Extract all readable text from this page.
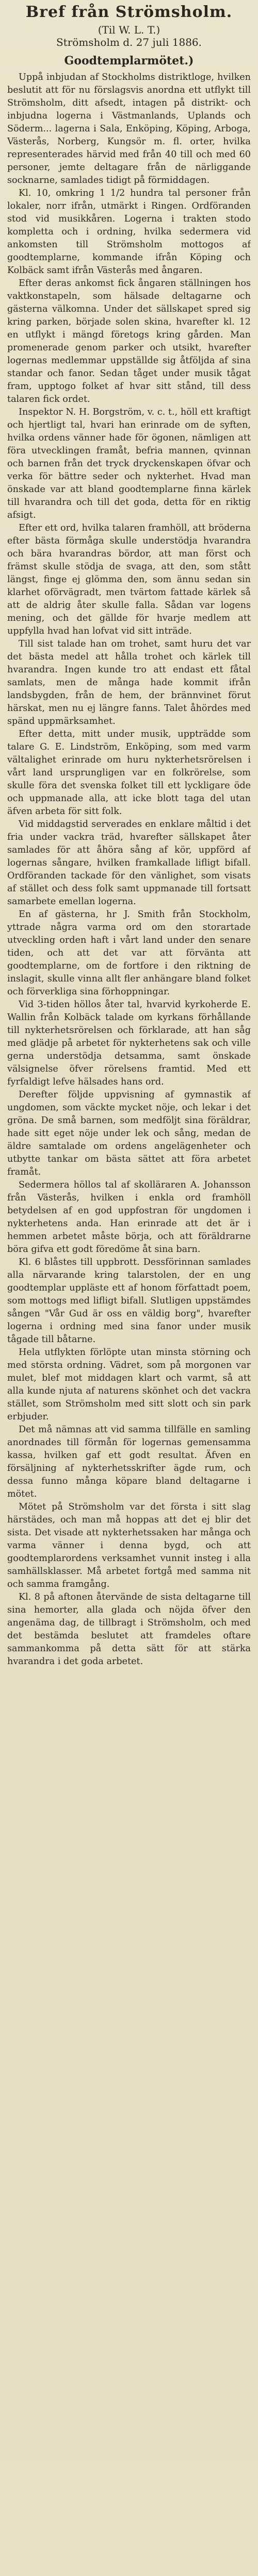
Bref från Strömsholm.

(Til W. L. T.)

Strömsholm d. 27 juli 1886.

Goodtemplarmötet.)

Uppå inbjudan af Stockholms distriktloge, hvilken beslutit att för nu förslagsvis anordna ett utflykt till Strömsholm, ditt afsedt, intagen på distrikt- och inbjudna logerna i Västmanlands, Uplands och Söderm... lagerna i Sala, Enköping, Köping, Arboga, Västerås, Norberg, Kungsör m. fl. orter, hvilka representerades härvid med från 40 till och med 60 personer, jemte deltagare från de närliggande socknarne, samlades tidigt på förmiddagen.

Kl. 10, omkring 1 1/2 hundra tal personer från lokaler, norr ifrån, utmärkt i Ringen. Ordföranden stod vid musikkåren. Logerna i trakten stodo kompletta och i ordning, hvilka sedermera vid ankomsten till Strömsholm mottogos af goodtemplarne, kommande ifrån Köping och Kolbäck samt ifrån Västerås med ångaren.

Efter deras ankomst fick ångaren ställningen hos vaktkonstapeln, som hälsade deltagarne och gästerna välkomna. Under det sällskapet spred sig kring parken, började solen skina, hvarefter kl. 12 en utflykt i mängd företogs kring gården. Man promenerade genom parker och utsikt, hvarefter logernas medlemmar uppställde sig åtföljda af sina standar och fanor. Sedan tåget under musik tågat fram, upptogo folket af hvar sitt stånd, till dess talaren fick ordet.

Inspektor N. H. Borgström, v. c. t., höll ett kraftigt och hjertligt tal, hvari han erinrade om de syften, hvilka ordens vänner hade för ögonen, nämligen att föra utvecklingen framåt, befria mannen, qvinnan och barnen från det tryck dryckenskapen öfvar och verka för bättre seder och nykterhet. Hvad man önskade var att bland goodtemplarne finna kärlek till hvarandra och till det goda, detta för en riktig afsigt.

Efter ett ord, hvilka talaren framhöll, att bröderna efter bästa förmåga skulle understödja hvarandra och bära hvarandras bördor, att man först och främst skulle stödja de svaga, att den, som stått längst, finge ej glömma den, som ännu sedan sin klarhet oförvägradt, men tvärtom fattade kärlek så att de aldrig åter skulle falla. Sådan var logens mening, och det gällde för hvarje medlem att uppfylla hvad han lofvat vid sitt inträde.

Till sist talade han om trohet, samt huru det var det bästa medel att hålla trohet och kärlek till hvarandra. Ingen kunde tro att endast ett fåtal samlats, men de många hade kommit ifrån landsbygden, från de hem, der brännvinet förut härskat, men nu ej längre fanns. Talet åhördes med spänd uppmärksamhet.

Efter detta, mitt under musik, uppträdde som talare G. E. Lindström, Enköping, som med varm vältalighet erinrade om huru nykterhetsrörelsen i vårt land ursprungligen var en folkrörelse, som skulle föra det svenska folket till ett lyckligare öde och uppmanade alla, att icke blott taga del utan äfven arbeta för sitt folk.

Vid middagstid serverades en enklare måltid i det fria under vackra träd, hvarefter sällskapet åter samlades för att åhöra sång af kör, uppförd af logernas sångare, hvilken framkallade lifligt bifall. Ordföranden tackade för den vänlighet, som visats af stället och dess folk samt uppmanade till fortsatt samarbete emellan logerna.

En af gästerna, hr J. Smith från Stockholm, yttrade några varma ord om den storartade utveckling orden haft i vårt land under den senare tiden, och att det var att förvänta att goodtemplarne, om de fortfore i den riktning de inslagit, skulle vinna allt fler anhängare bland folket och förverkliga sina förhoppningar.

Vid 3-tiden höllos åter tal, hvarvid kyrkoherde E. Wallin från Kolbäck talade om kyrkans förhållande till nykterhetsrörelsen och förklarade, att han såg med glädje på arbetet för nykterhetens sak och ville gerna understödja detsamma, samt önskade välsignelse öfver rörelsens framtid. Med ett fyrfaldigt lefve hälsades hans ord.

Derefter följde uppvisning af gymnastik af ungdomen, som väckte mycket nöje, och lekar i det gröna. De små barnen, som medföljt sina föräldrar, hade sitt eget nöje under lek och sång, medan de äldre samtalade om ordens angelägenheter och utbytte tankar om bästa sättet att föra arbetet framåt.

Sedermera höllos tal af skolläraren A. Johansson från Västerås, hvilken i enkla ord framhöll betydelsen af en god uppfostran för ungdomen i nykterhetens anda. Han erinrade att det är i hemmen arbetet måste börja, och att föräldrarne böra gifva ett godt föredöme åt sina barn.

Kl. 6 blåstes till uppbrott. Dessförinnan samlades alla närvarande kring talarstolen, der en ung goodtemplar uppläste ett af honom författadt poem, som mottogs med lifligt bifall. Slutligen uppstämdes sången "Vår Gud är oss en väldig borg", hvarefter logerna i ordning med sina fanor under musik tågade till båtarne.

Hela utflykten förlöpte utan minsta störning och med största ordning. Vädret, som på morgonen var mulet, blef mot middagen klart och varmt, så att alla kunde njuta af naturens skönhet och det vackra stället, som Strömsholm med sitt slott och sin park erbjuder.

Det må nämnas att vid samma tillfälle en samling anordnades till förmån för logernas gemensamma kassa, hvilken gaf ett godt resultat. Äfven en försäljning af nykterhetsskrifter ägde rum, och dessa funno många köpare bland deltagarne i mötet.

Mötet på Strömsholm var det första i sitt slag härstädes, och man må hoppas att det ej blir det sista. Det visade att nykterhetssaken har många och varma vänner i denna bygd, och att goodtemplarordens verksamhet vunnit insteg i alla samhällsklasser. Må arbetet fortgå med samma nit och samma framgång.

Kl. 8 på aftonen återvände de sista deltagarne till sina hemorter, alla glada och nöjda öfver den angenäma dag, de tillbragt i Strömsholm, och med det bestämda beslutet att framdeles oftare sammankomma på detta sätt för att stärka hvarandra i det goda arbetet.
